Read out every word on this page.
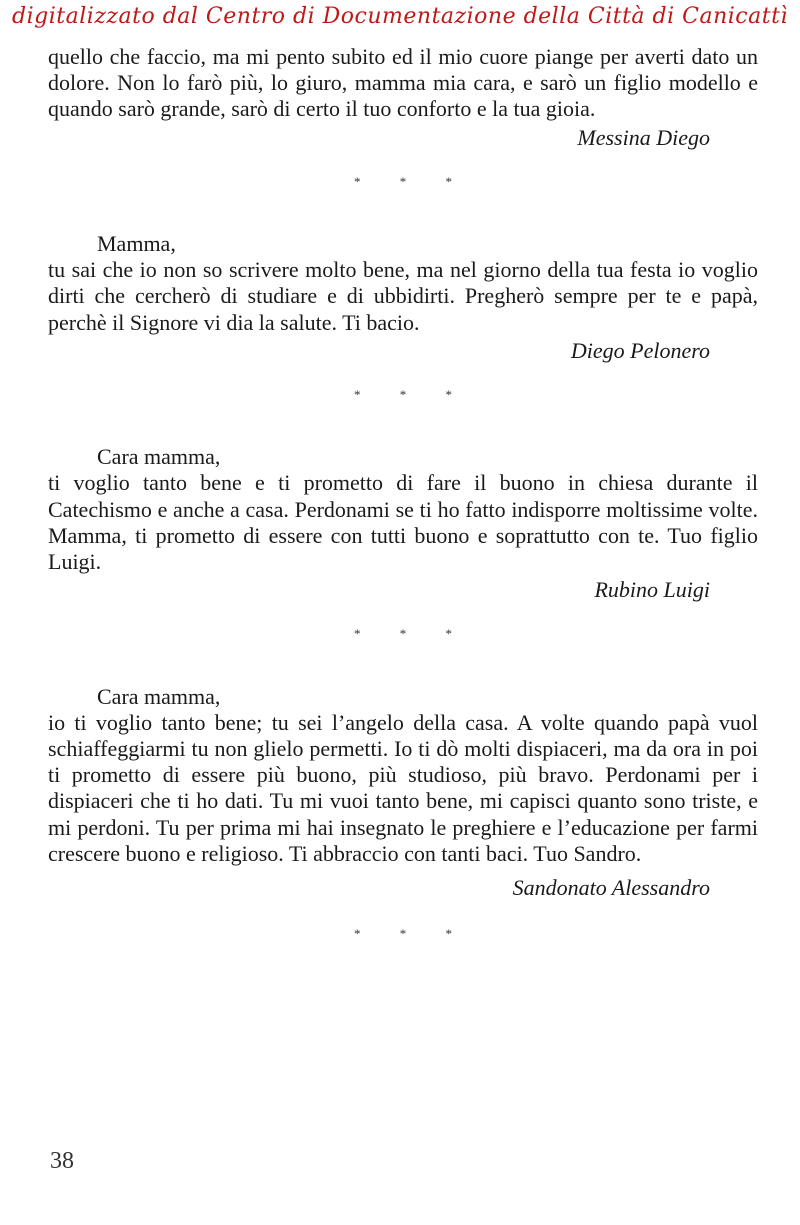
digitalizzato dal Centro di Documentazione della Città di Canicattì

quello che faccio, ma mi pento subito ed il mio cuore piange per averti dato un dolore. Non lo farò più, lo giuro, mamma mia cara, e sarò un figlio modello e quando sarò grande, sarò di certo il tuo conforto e la tua gioia.

Messina Diego
* * *
Mamma,

tu sai che io non so scrivere molto bene, ma nel giorno della tua festa io voglio dirti che cercherò di studiare e di ubbidirti. Pregherò sempre per te e papà, perchè il Signore vi dia la salute. Ti bacio.

Diego Pelonero
* * *
Cara mamma,

ti voglio tanto bene e ti prometto di fare il buono in chiesa durante il Catechismo e anche a casa. Perdonami se ti ho fatto indisporre moltissime volte. Mamma, ti prometto di essere con tutti buono e soprattutto con te. Tuo figlio Luigi.

Rubino Luigi
* * *
Cara mamma,

io ti voglio tanto bene; tu sei l’angelo della casa. A volte quando papà vuol schiaffeggiarmi tu non glielo permetti. Io ti dò molti dispiaceri, ma da ora in poi ti prometto di essere più buono, più studioso, più bravo. Perdonami per i dispiaceri che ti ho dati. Tu mi vuoi tanto bene, mi capisci quanto sono triste, e mi perdoni. Tu per prima mi hai insegnato le preghiere e l’educazione per farmi crescere buono e religioso. Ti abbraccio con tanti baci. Tuo Sandro.

Sandonato Alessandro
* * *
38
